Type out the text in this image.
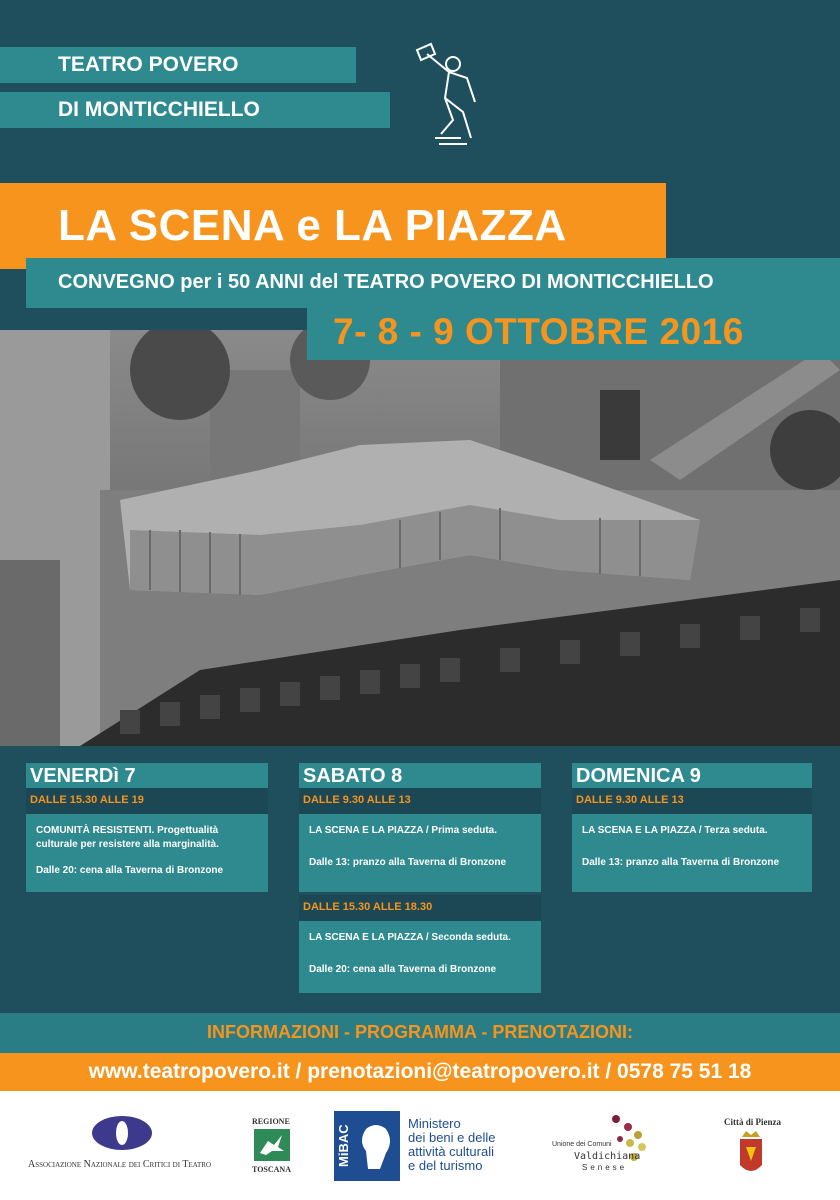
TEATRO POVERO
DI MONTICCHIELLO
LA SCENA e LA PIAZZA
CONVEGNO per i 50 ANNI del TEATRO POVERO DI MONTICCHIELLO
7- 8 - 9 OTTOBRE 2016
VENERDì 7
DALLE 15.30 ALLE 19

COMUNITÀ RESISTENTI. Progettualità culturale per resistere alla marginalità.

Dalle 20: cena alla Taverna di Bronzone

SABATO 8
DALLE 9.30 ALLE 13

LA SCENA E LA PIAZZA / Prima seduta.

Dalle 13: pranzo alla Taverna di Bronzone

DALLE 15.30 ALLE 18.30

LA SCENA E LA PIAZZA / Seconda seduta.

Dalle 20: cena alla Taverna di Bronzone

DOMENICA 9
DALLE 9.30 ALLE 13

LA SCENA E LA PIAZZA / Terza seduta.

Dalle 13: pranzo alla Taverna di Bronzone

INFORMAZIONI - PROGRAMMA - PRENOTAZIONI:
www.teatropovero.it / prenotazioni@teatropovero.it / 0578 75 51 18
Associazione Nazionale dei Critici di Teatro
REGIONE
TOSCANA
MiBAC
Ministero
dei beni e delle
attività culturali
e del turismo
Unione dei Comuni
Valdichiana
Senese
Città di Pienza
